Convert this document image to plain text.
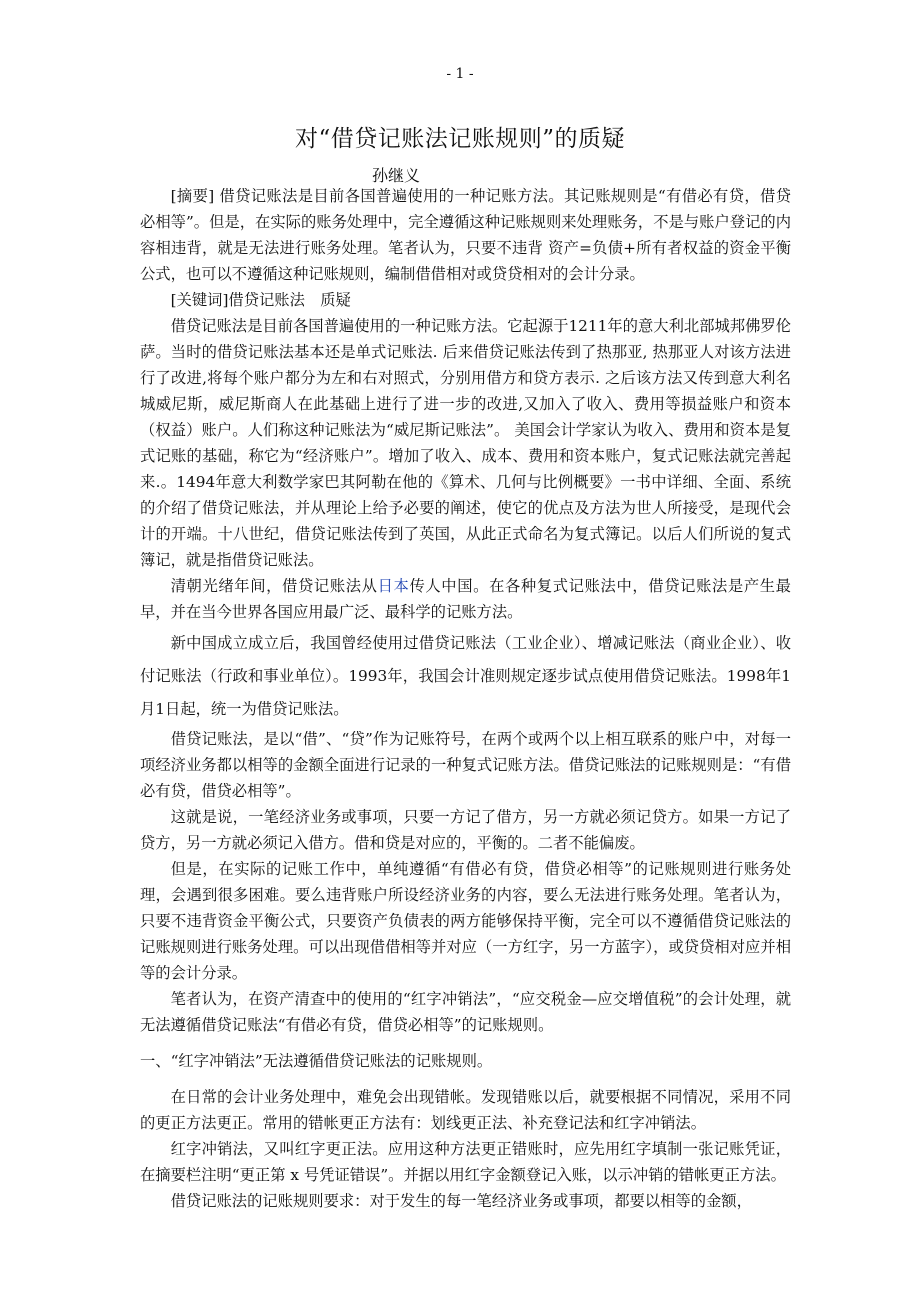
- 1 -
对“借贷记账法记账规则”的质疑
孙继义

[摘要] 借贷记账法是目前各国普遍使用的一种记账方法。其记账规则是“有借必有贷，借贷必相等”。但是，在实际的账务处理中，完全遵循这种记账规则来处理账务，不是与账户登记的内容相违背，就是无法进行账务处理。笔者认为，只要不违背 资产=负债+所有者权益的资金平衡公式，也可以不遵循这种记账规则，编制借借相对或贷贷相对的会计分录。

[关键词]借贷记账法　质疑

借贷记账法是目前各国普遍使用的一种记账方法。它起源于1211年的意大利北部城邦佛罗伦萨。当时的借贷记账法基本还是单式记账法. 后来借贷记账法传到了热那亚, 热那亚人对该方法进行了改进,将每个账户都分为左和右对照式，分别用借方和贷方表示. 之后该方法又传到意大利名城威尼斯，威尼斯商人在此基础上进行了进一步的改进,又加入了收入、费用等损益账户和资本（权益）账户。人们称这种记账法为“威尼斯记账法”。 美国会计学家认为收入、费用和资本是复式记账的基础，称它为“经济账户”。增加了收入、成本、费用和资本账户，复式记账法就完善起来.。1494年意大利数学家巴其阿勒在他的《算术、几何与比例概要》一书中详细、全面、系统的介绍了借贷记账法，并从理论上给予必要的阐述，使它的优点及方法为世人所接受，是现代会计的开端。十八世纪，借贷记账法传到了英国，从此正式命名为复式簿记。以后人们所说的复式簿记，就是指借贷记账法。

清朝光绪年间，借贷记账法从日本传人中国。在各种复式记账法中，借贷记账法是产生最早，并在当今世界各国应用最广泛、最科学的记账方法。

新中国成立成立后，我国曾经使用过借贷记账法（工业企业）、增减记账法（商业企业）、收付记账法（行政和事业单位）。1993年，我国会计准则规定逐步试点使用借贷记账法。1998年1月1日起，统一为借贷记账法。

借贷记账法，是以“借”、“贷”作为记账符号，在两个或两个以上相互联系的账户中，对每一项经济业务都以相等的金额全面进行记录的一种复式记账方法。借贷记账法的记账规则是：“有借必有贷，借贷必相等”。

这就是说，一笔经济业务或事项，只要一方记了借方，另一方就必须记贷方。如果一方记了贷方，另一方就必须记入借方。借和贷是对应的，平衡的。二者不能偏废。

但是，在实际的记账工作中，单纯遵循“有借必有贷，借贷必相等”的记账规则进行账务处理，会遇到很多困难。要么违背账户所设经济业务的内容，要么无法进行账务处理。笔者认为，只要不违背资金平衡公式，只要资产负债表的两方能够保持平衡，完全可以不遵循借贷记账法的记账规则进行账务处理。可以出现借借相等并对应（一方红字，另一方蓝字），或贷贷相对应并相等的会计分录。

笔者认为，在资产清查中的使用的“红字冲销法”，“应交税金—应交增值税”的会计处理，就无法遵循借贷记账法“有借必有贷，借贷必相等”的记账规则。

一、“红字冲销法”无法遵循借贷记账法的记账规则。

在日常的会计业务处理中，难免会出现错帐。发现错账以后，就要根据不同情况，采用不同的更正方法更正。常用的错帐更正方法有：划线更正法、补充登记法和红字冲销法。

红字冲销法，又叫红字更正法。应用这种方法更正错账时，应先用红字填制一张记账凭证，在摘要栏注明“更正第 x 号凭证错误”。并据以用红字金额登记入账，以示冲销的错帐更正方法。

借贷记账法的记账规则要求：对于发生的每一笔经济业务或事项，都要以相等的金额，
